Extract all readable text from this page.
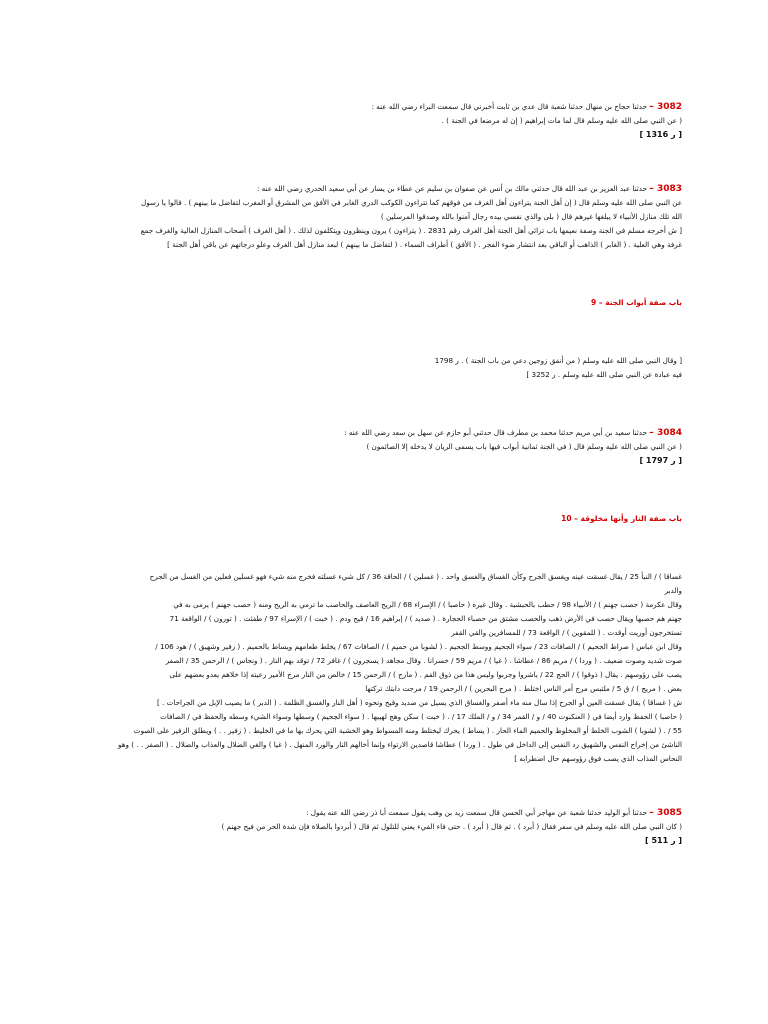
3082 – حدثنا حجاج بن منهال حدثنا شعبة قال عدي بن ثابت أخبرني قال سمعت البراء رضي الله عنه :
( عن النبي صلى الله عليه وسلم قال لما مات إبراهيم ( إن له مرضعا في الجنة ) .
[ ر 1316 ]
3083 – حدثنا عبد العزيز بن عبد الله قال حدثني مالك بن أنس عن صفوان بن سليم عن عطاء بن يسار عن أبي سعيد الخدري رضي الله عنه :
عن النبي صلى الله عليه وسلم قال ( إن أهل الجنة يتراءون أهل الغرف من فوقهم كما تتراءون الكوكب الدري الغابر في الأفق من المشرق أو المغرب لتفاضل ما بينهم ) . قالوا يا رسول
الله تلك منازل الأنبياء لا يبلغها غيرهم قال ( بلى والذي نفسي بيده رجال آمنوا بالله وصدقوا المرسلين )
[ ش أخرجه مسلم في الجنة وصفة نعيمها باب ترائي أهل الجنة أهل الغرف رقم 2831 . ( يتراءون ) يرون وينظرون ويتكلفون لذلك . ( أهل الغرف ) أصحاب المنازل العالية والغرف جمع
غرفة وهي العلية . ( الغابر ) الذاهب أو الباقي بعد انتشار ضوء الفجر . ( الأفق ) أطراف السماء . ( لتفاضل ما بينهم ) لبعد منازل أهل الغرف وعلو درجاتهم عن باقي أهل الجنة ]
باب صفة أبواب الجنة – 9
[ وقال النبي صلى الله عليه وسلم ( من أنفق زوجين دعي من باب الجنة ) . ر 1798
فيه عبادة عن النبي صلى الله عليه وسلم . ر 3252 ]
3084 – حدثنا سعيد بن أبي مريم حدثنا محمد بن مطرف قال حدثني أبو حازم عن سهل بن سعد رضي الله عنه :
( عن النبي صلى الله عليه وسلم قال ( في الجنة ثمانية أبواب فيها باب يسمى الريان لا يدخله إلا الصائمون )
[ ر 1797 ]
باب صفة النار وأنها مخلوقة – 10
غساقا ) / النبأ 25 / يقال غسقت عينه ويغسق الجرح وكأن الغساق والغسق واحد . ( غسلين ) / الحاقة 36 / كل شيء غسلته فخرج منه شيء فهو غسلين فعلين من الغسل من الجرح
والدبر
وقال عكرمة ( حصب جهنم ) / الأنبياء 98 / حطب بالحبشية . وقال غيره ( حاصبا ) / الإسراء 68 / الريح العاصف والحاصب ما ترمي به الريح ومنه ( حصب جهنم ) يرمى به في
جهنم هم حصبها ويقال حصب في الأرض ذهب والحصب مشتق من حصباء الحجارة . ( صديد ) / إبراهيم 16 / قيح ودم . ( خبت ) / الإسراء 97 / طفئت . ( تورون ) / الواقعة 71
تستخرجون أوريت أوقدت . ( للمقوين ) / الواقعة 73 / للمسافرين والقي القفر
وقال ابن عباس ( صراط الجحيم ) / الصافات 23 / سواء الجحيم ووسط الجحيم . ( لشوبا من حميم ) / الصافات 67 / يخلط طعامهم ويساط بالحميم . ( زفير وشهيق ) / هود 106 /
صوت شديد وصوت ضعيف . ( وردا ) / مريم 86 / عطاشا . ( غيا ) / مريم 59 / خسرانا . وقال مجاهد ( يسجرون ) / غافر 72 / توقد بهم النار . ( ونحاس ) / الرحمن 35 / الصفر
يصب على رؤوسهم . يقال ( ذوقوا ) / الحج 22 / باشروا وجربوا وليس هذا من ذوق الفم . ( مارج ) / الرحمن 15 / خالص من النار مرج الأمير رعيته إذا خلاهم يعدو بعضهم على
بعض . ( مريج ) / ق 5 / ملتبس مرج أمر الناس اختلط . ( مرج البحرين ) / الرحمن 19 / مرجت دابتك تركتها
ش ( غساقا ) يقال غسقت العين أو الجرح إذا سال منه ماء أصفر والغساق الذي يسيل من صديد وقيح ونحوه ( أهل النار والغسق الظلمة . ( الدبر ) ما يصيب الإبل من الجراحات . ]
( حاصبا ) الحفظ وارد أيضا في ( العنكبوت 40 / و / القمر 34 / و / الملك 17 / . ( خبت ) سكن وهج لهيبها . ( سواء الجحيم ) وسطها وسواء الشيء وسطه والحفظ في / الصافات
55 / . ( لشوبا ) الشوب الخلط أو المخلوط والحميم الماء الحار . ( يساط ) يحرك ليختلط ومنه المسواط وهو الخشبة التي يحرك بها ما في الخليط . ( زفير . . ) ويطلق الزفير على الصوت
الناشئ من إخراج النفس والشهيق رد النفس إلى الداخل في طول . ( وردا ) عطاشا قاصدين الارتواء وإنما أخالهم النار والورد المنهل . ( غيا ) والغي الضلال والعذاب والضلال . ( الصفر . . ) وهو
النحاس المذاب الذي يصب فوق رؤوسهم حال اضطرابه ]
3085 – حدثنا أبو الوليد حدثنا شعبة عن مهاجر أبي الحسن قال سمعت زيد بن وهب يقول سمعت أبا ذر رضي الله عنه يقول :
( كان النبي صلى الله عليه وسلم في سفر فقال ( أبرد ) . ثم قال ( أبرد ) . حتى فاء الفيء يعني للتلول ثم قال ( أبردوا بالصلاة فإن شدة الحر من فيح جهنم )
[ ر 511 ]
